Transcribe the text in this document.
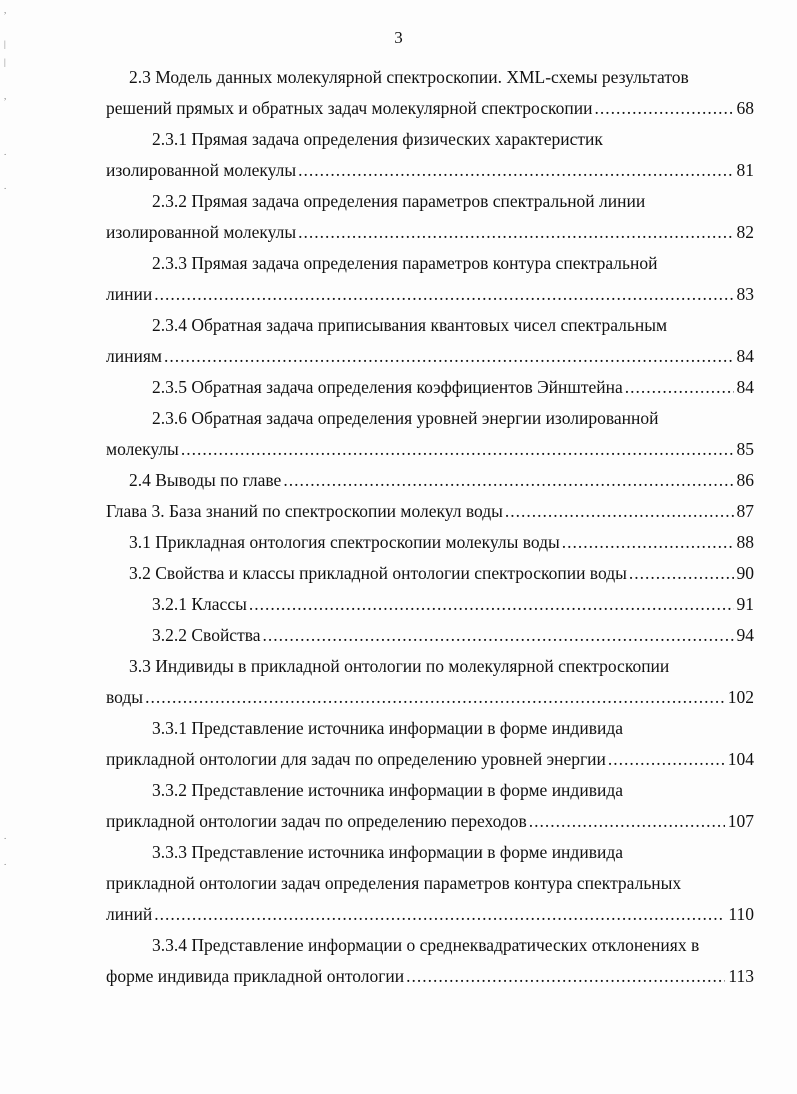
,
|
|
,
.
.
.
.
3
2.3 Модель данных молекулярной спектроскопии. XML-схемы результатов
решений прямых и обратных задач молекулярной спектроскопии .....	68
2.3.1 Прямая задача определения физических характеристик
изолированной молекулы .....	81
2.3.2 Прямая задача определения параметров спектральной линии
изолированной молекулы .....	82
2.3.3 Прямая задача определения параметров контура спектральной
линии .....	83
2.3.4 Обратная задача приписывания квантовых чисел спектральным
линиям .....	84
2.3.5 Обратная задача определения коэффициентов Эйнштейна .....	84
2.3.6 Обратная задача определения уровней энергии изолированной
молекулы .....	85
2.4 Выводы по главе .....	86
Глава 3. База знаний по спектроскопии молекул воды .....	87
3.1 Прикладная онтология спектроскопии молекулы воды .....	88
3.2 Свойства и классы прикладной онтологии спектроскопии воды .....	90
3.2.1 Классы .....	91
3.2.2 Свойства .....	94
3.3 Индивиды в прикладной онтологии по молекулярной спектроскопии
воды .....	102
3.3.1 Представление источника информации в форме индивида
прикладной онтологии для задач по определению уровней энергии .....	104
3.3.2 Представление источника информации в форме индивида
прикладной онтологии задач по определению переходов .....	107
3.3.3 Представление источника информации в форме индивида
прикладной онтологии задач определения параметров контура спектральных
линий .....	110
3.3.4 Представление информации о среднеквадратических отклонениях в
форме индивида прикладной онтологии .....	113
